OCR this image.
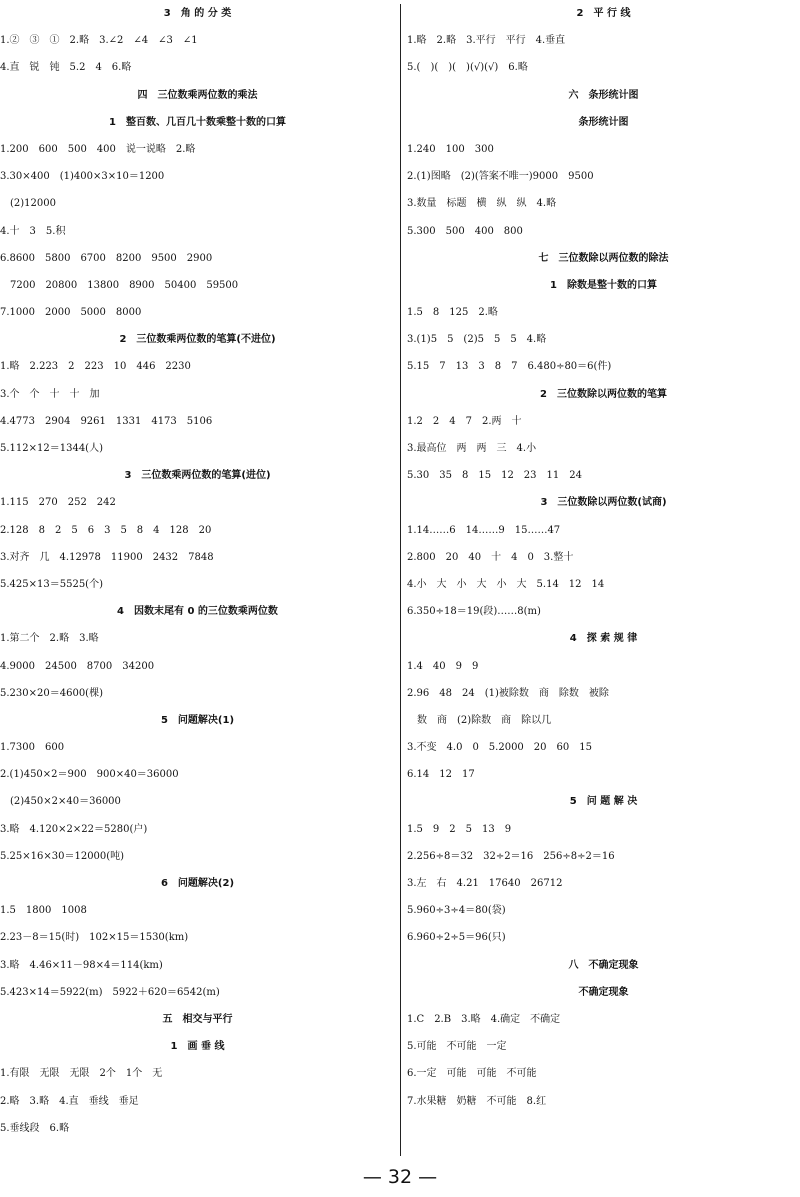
3　角 的 分 类
1.②　③　①　2.略　3.∠2　∠4　∠3　∠1
4.直　锐　钝　5.2　4　6.略
四　三位数乘两位数的乘法
1　整百数、几百几十数乘整十数的口算
1.200　600　500　400　说一说略　2.略
3.30×400　(1)400×3×10＝1200
　(2)12000
4.十　3　5.积
6.8600　5800　6700　8200　9500　2900
　7200　20800　13800　8900　50400　59500
7.1000　2000　5000　8000
2　三位数乘两位数的笔算(不进位)
1.略　2.223　2　223　10　446　2230
3.个　个　十　十　加
4.4773　2904　9261　1331　4173　5106
5.112×12＝1344(人)
3　三位数乘两位数的笔算(进位)
1.115　270　252　242
2.128　8　2　5　6　3　5　8　4　128　20
3.对齐　几　4.12978　11900　2432　7848
5.425×13＝5525(个)
4　因数末尾有 0 的三位数乘两位数
1.第二个　2.略　3.略
4.9000　24500　8700　34200
5.230×20＝4600(棵)
5　问题解决(1)
1.7300　600
2.(1)450×2＝900　900×40＝36000
　(2)450×2×40＝36000
3.略　4.120×2×22＝5280(户)
5.25×16×30＝12000(吨)
6　问题解决(2)
1.5　1800　1008
2.23－8＝15(时)　102×15＝1530(km)
3.略　4.46×11－98×4＝114(km)
5.423×14＝5922(m)　5922＋620＝6542(m)
五　相交与平行
1　画 垂 线
1.有限　无限　无限　2个　1个　无
2.略　3.略　4.直　垂线　垂足
5.垂线段　6.略
2　平 行 线
1.略　2.略　3.平行　平行　4.垂直
5.(　)(　)(　)(√)(√)　6.略
六　条形统计图
条形统计图
1.240　100　300
2.(1)图略　(2)(答案不唯一)9000　9500
3.数量　标题　横　纵　纵　4.略
5.300　500　400　800
七　三位数除以两位数的除法
1　除数是整十数的口算
1.5　8　125　2.略
3.(1)5　5　(2)5　5　5　4.略
5.15　7　13　3　8　7　6.480÷80＝6(件)
2　三位数除以两位数的笔算
1.2　2　4　7　2.两　十
3.最高位　两　两　三　4.小
5.30　35　8　15　12　23　11　24
3　三位数除以两位数(试商)
1.14……6　14……9　15……47
2.800　20　40　十　4　0　3.整十
4.小　大　小　大　小　大　5.14　12　14
6.350÷18＝19(段)……8(m)
4　探 索 规 律
1.4　40　9　9
2.96　48　24　(1)被除数　商　除数　被除
　数　商　(2)除数　商　除以几
3.不变　4.0　0　5.2000　20　60　15
6.14　12　17
5　问 题 解 决
1.5　9　2　5　13　9
2.256÷8＝32　32÷2＝16　256÷8÷2＝16
3.左　右　4.21　17640　26712
5.960÷3÷4＝80(袋)
6.960÷2÷5＝96(只)
八　不确定现象
不确定现象
1.C　2.B　3.略　4.确定　不确定
5.可能　不可能　一定
6.一定　可能　可能　不可能
7.水果糖　奶糖　不可能　8.红
— 32 —
